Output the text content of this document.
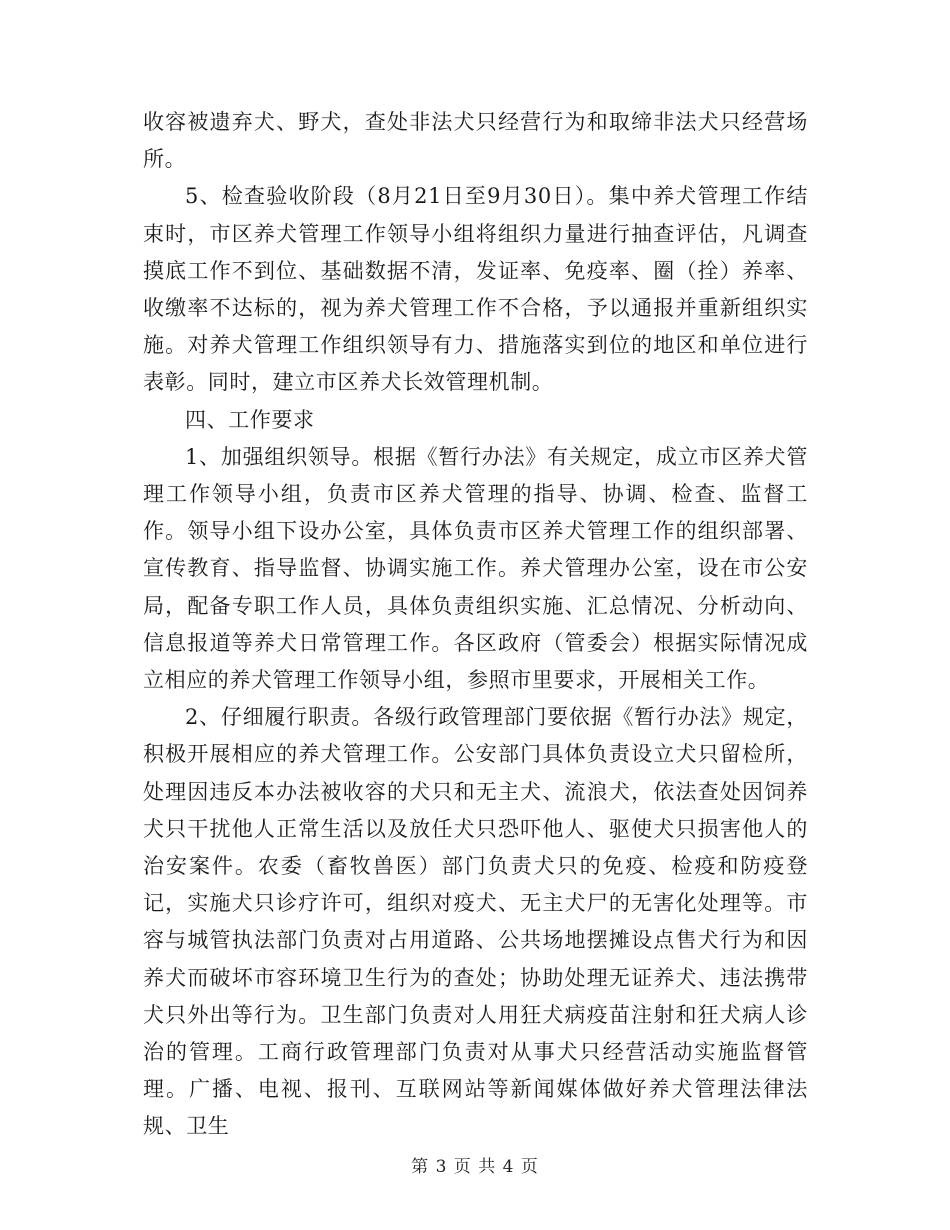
收容被遗弃犬、野犬，查处非法犬只经营行为和取缔非法犬只经营场所。

5、检查验收阶段（8月21日至9月30日）。集中养犬管理工作结束时，市区养犬管理工作领导小组将组织力量进行抽查评估，凡调查摸底工作不到位、基础数据不清，发证率、免疫率、圈（拴）养率、收缴率不达标的，视为养犬管理工作不合格，予以通报并重新组织实施。对养犬管理工作组织领导有力、措施落实到位的地区和单位进行表彰。同时，建立市区养犬长效管理机制。

四、工作要求

1、加强组织领导。根据《暂行办法》有关规定，成立市区养犬管理工作领导小组，负责市区养犬管理的指导、协调、检查、监督工作。领导小组下设办公室，具体负责市区养犬管理工作的组织部署、宣传教育、指导监督、协调实施工作。养犬管理办公室，设在市公安局，配备专职工作人员，具体负责组织实施、汇总情况、分析动向、信息报道等养犬日常管理工作。各区政府（管委会）根据实际情况成立相应的养犬管理工作领导小组，参照市里要求，开展相关工作。

2、仔细履行职责。各级行政管理部门要依据《暂行办法》规定，积极开展相应的养犬管理工作。公安部门具体负责设立犬只留检所，处理因违反本办法被收容的犬只和无主犬、流浪犬，依法查处因饲养犬只干扰他人正常生活以及放任犬只恐吓他人、驱使犬只损害他人的治安案件。农委（畜牧兽医）部门负责犬只的免疫、检疫和防疫登记，实施犬只诊疗许可，组织对疫犬、无主犬尸的无害化处理等。市容与城管执法部门负责对占用道路、公共场地摆摊设点售犬行为和因养犬而破坏市容环境卫生行为的查处；协助处理无证养犬、违法携带犬只外出等行为。卫生部门负责对人用狂犬病疫苗注射和狂犬病人诊治的管理。工商行政管理部门负责对从事犬只经营活动实施监督管理。广播、电视、报刊、互联网站等新闻媒体做好养犬管理法律法规、卫生

第 3 页 共 4 页
